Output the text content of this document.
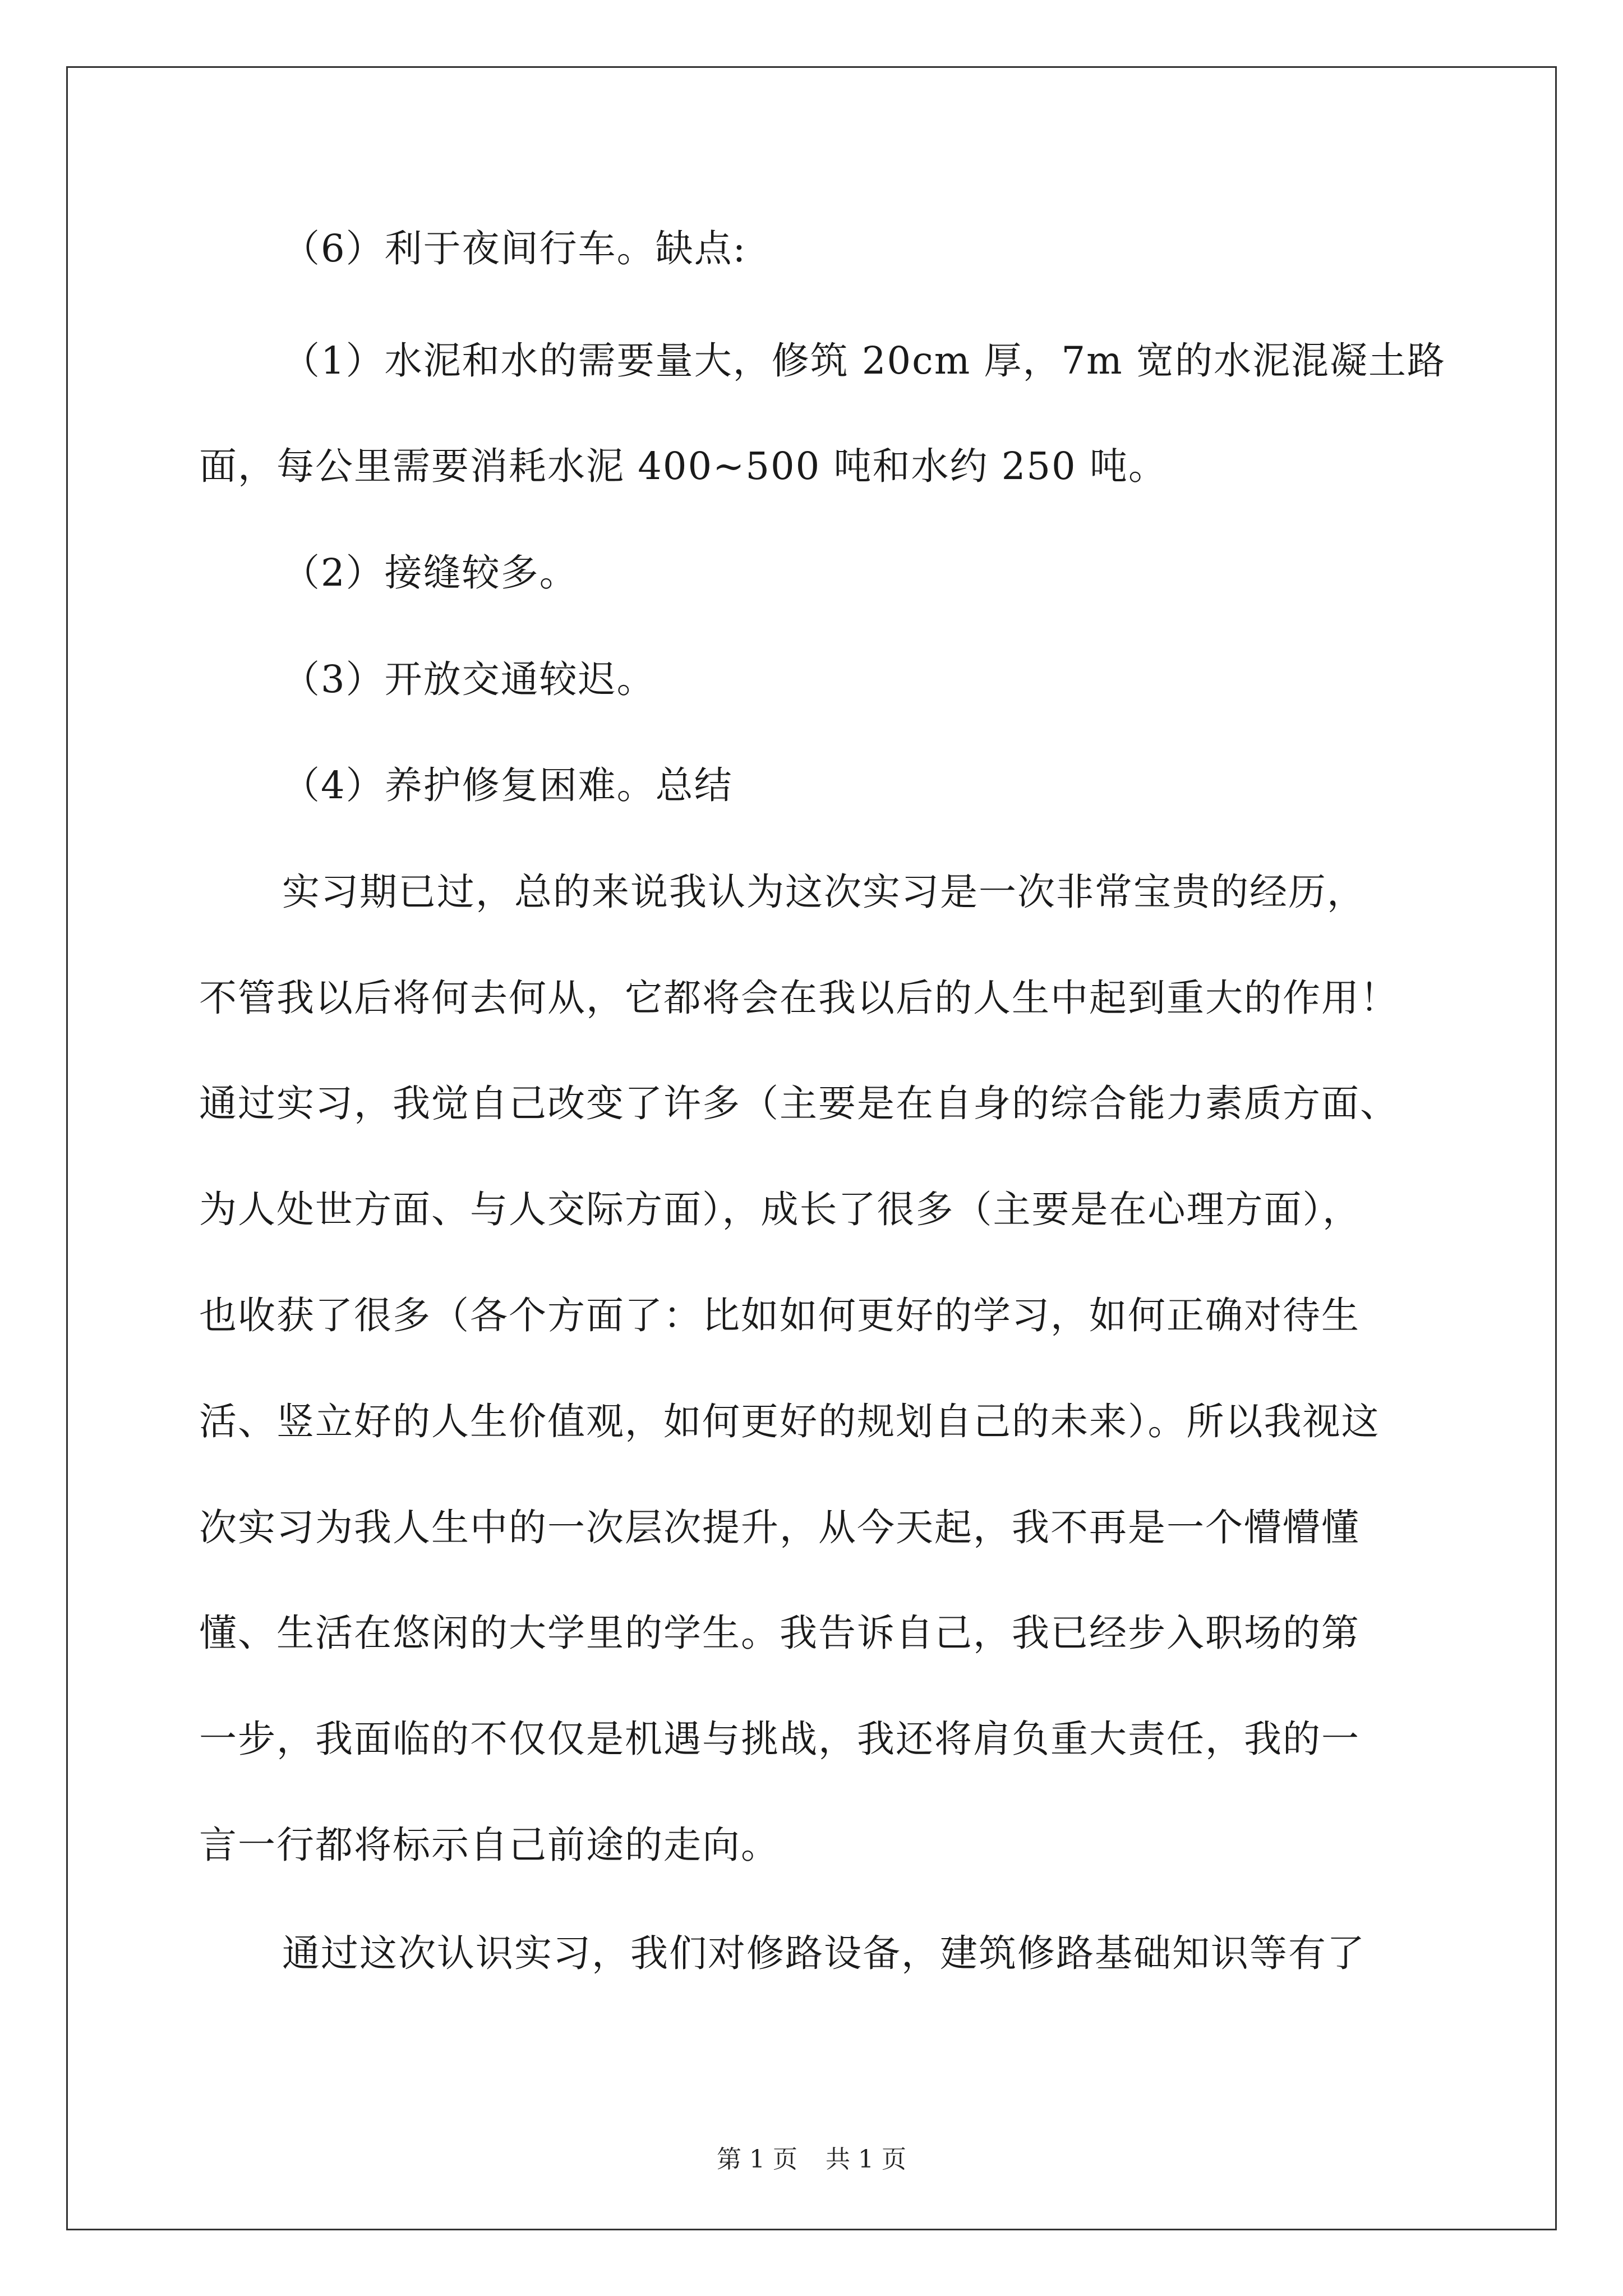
（6）利于夜间行车。缺点:
（1）水泥和水的需要量大，修筑 20cm 厚，7m 宽的水泥混凝土路
面，每公里需要消耗水泥 400~500 吨和水约 250 吨。
（2）接缝较多。
（3）开放交通较迟。
（4）养护修复困难。总结
实习期已过，总的来说我认为这次实习是一次非常宝贵的经历，
不管我以后将何去何从，它都将会在我以后的人生中起到重大的作用！
通过实习，我觉自己改变了许多（主要是在自身的综合能力素质方面、
为人处世方面、与人交际方面），成长了很多（主要是在心理方面），
也收获了很多（各个方面了：比如如何更好的学习，如何正确对待生
活、竖立好的人生价值观，如何更好的规划自己的未来）。所以我视这
次实习为我人生中的一次层次提升，从今天起，我不再是一个懵懵懂
懂、生活在悠闲的大学里的学生。我告诉自己，我已经步入职场的第
一步，我面临的不仅仅是机遇与挑战，我还将肩负重大责任，我的一
言一行都将标示自己前途的走向。
通过这次认识实习，我们对修路设备，建筑修路基础知识等有了
第 1 页 共 1 页
